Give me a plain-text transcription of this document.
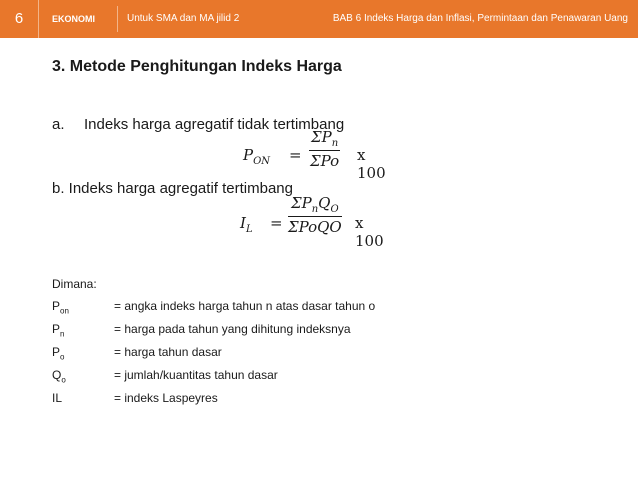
6	EKONOMI	Untuk SMA dan MA jilid 2	BAB 6 Indeks Harga dan Inflasi, Permintaan dan Penawaran Uang
3. Metode Penghitungan Indeks Harga
a. Indeks harga agregatif tidak tertimbang
$P_{ON}$ =
$\Sigma P_n$
ΣPo x 100
b. Indeks harga agregatif tertimbang
$I_L$ =
$\Sigma P_nQ_O$
ΣPoQO x 100
Dimana:
$P_{on}$	= angka indeks harga tahun n atas dasar tahun o
$P_n$	= harga pada tahun yang dihitung indeksnya
$P_o$	= harga tahun dasar
$Q_o$	= jumlah/kuantitas tahun dasar
IL	= indeks Laspeyres
